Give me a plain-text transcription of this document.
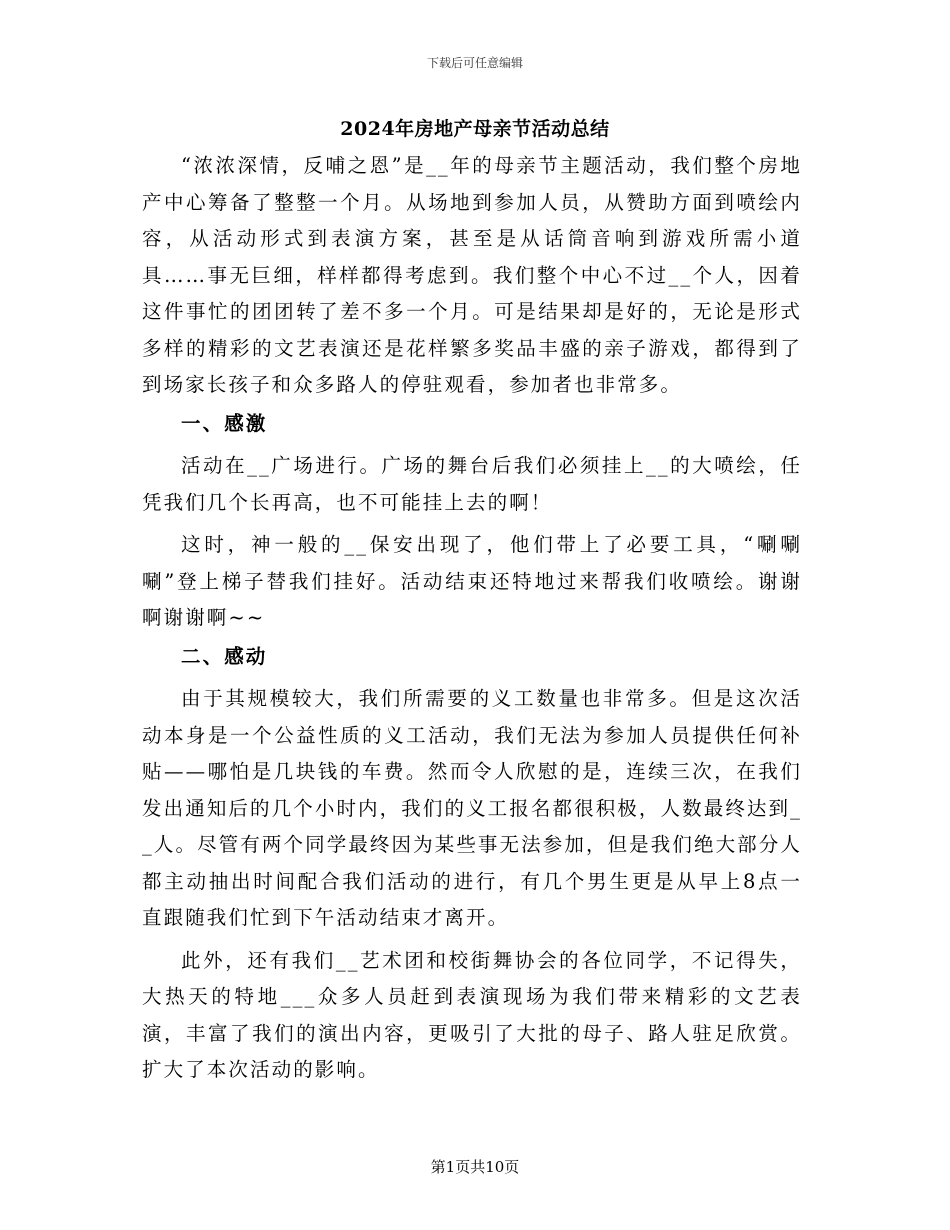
下载后可任意编辑
2024年房地产母亲节活动总结

“浓浓深情，反哺之恩”是__年的母亲节主题活动，我们整个房地产中心筹备了整整一个月。从场地到参加人员，从赞助方面到喷绘内容，从活动形式到表演方案，甚至是从话筒音响到游戏所需小道具……事无巨细，样样都得考虑到。我们整个中心不过__个人，因着这件事忙的团团转了差不多一个月。可是结果却是好的，无论是形式多样的精彩的文艺表演还是花样繁多奖品丰盛的亲子游戏，都得到了到场家长孩子和众多路人的停驻观看，参加者也非常多。

一、感激

活动在__广场进行。广场的舞台后我们必须挂上__的大喷绘，任凭我们几个长再高，也不可能挂上去的啊！

这时，神一般的__保安出现了，他们带上了必要工具，“唰唰唰”登上梯子替我们挂好。活动结束还特地过来帮我们收喷绘。谢谢啊谢谢啊~~

二、感动

由于其规模较大，我们所需要的义工数量也非常多。但是这次活动本身是一个公益性质的义工活动，我们无法为参加人员提供任何补贴——哪怕是几块钱的车费。然而令人欣慰的是，连续三次，在我们发出通知后的几个小时内，我们的义工报名都很积极，人数最终达到__人。尽管有两个同学最终因为某些事无法参加，但是我们绝大部分人都主动抽出时间配合我们活动的进行，有几个男生更是从早上8点一直跟随我们忙到下午活动结束才离开。

此外，还有我们__艺术团和校街舞协会的各位同学，不记得失，大热天的特地___众多人员赶到表演现场为我们带来精彩的文艺表演，丰富了我们的演出内容，更吸引了大批的母子、路人驻足欣赏。扩大了本次活动的影响。

第1页共10页
